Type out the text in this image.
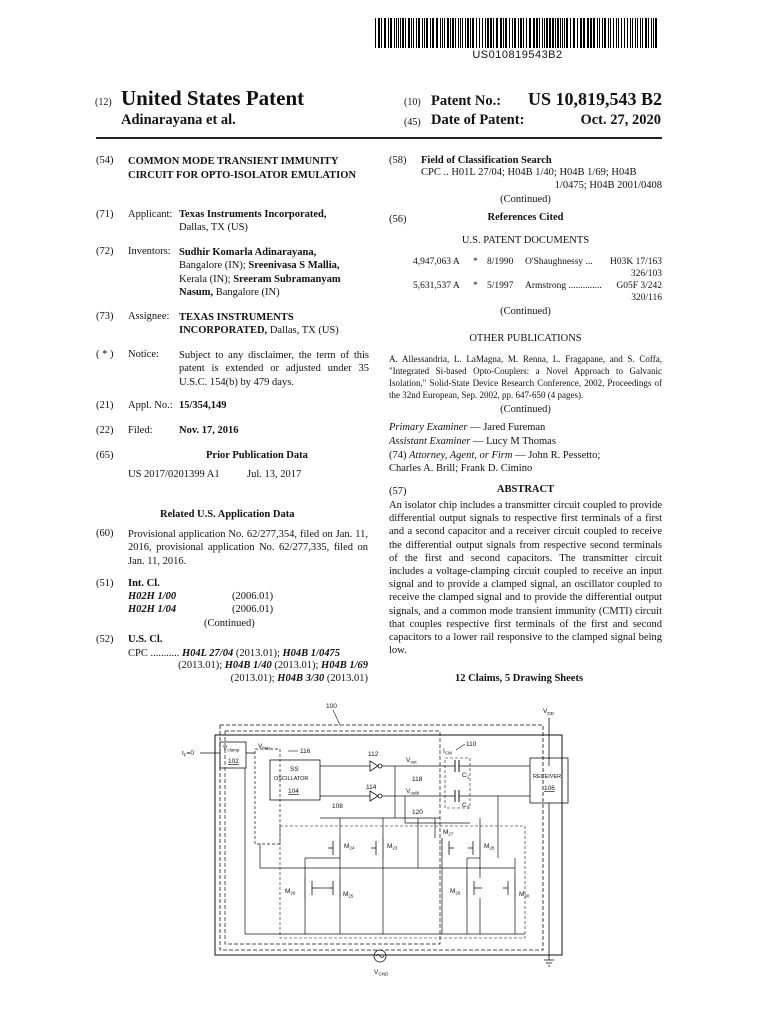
US010819543B2
(12) United States Patent
Adinarayana et al.
(10) Patent No.: US 10,819,543 B2
(45) Date of Patent:	Oct. 27, 2020
(54) COMMON MODE TRANSIENT IMMUNITY CIRCUIT FOR OPTO-ISOLATOR EMULATION
(71) Applicant: Texas Instruments Incorporated,
Dallas, TX (US)
(72) Inventors: Sudhir Komarla Adinarayana,
Bangalore (IN); Sreenivasa S Mallia,
Kerala (IN); Sreeram Subramanyam
Nasum, Bangalore (IN)
(73) Assignee: TEXAS INSTRUMENTS
INCORPORATED, Dallas, TX (US)
( * ) Notice: Subject to any disclaimer, the term of this patent is extended or adjusted under 35 U.S.C. 154(b) by 479 days.
(21) Appl. No.: 15/354,149
(22) Filed:	Nov. 17, 2016
(65)	Prior Publication Data
US 2017/0201399 A1	Jul. 13, 2017
Related U.S. Application Data
(60) Provisional application No. 62/277,354, filed on Jan. 11, 2016, provisional application No. 62/277,335, filed on Jan. 11, 2016.
(51) Int. Cl.
H02H 1/00	(2006.01)
H02H 1/04	(2006.01)
(Continued)
(52) U.S. Cl.
CPC ........... H04L 27/04 (2013.01); H04B 1/0475
(2013.01); H04B 1/40 (2013.01); H04B 1/69
(2013.01); H04B 3/30 (2013.01)
(58) Field of Classification Search
CPC .. H01L 27/04; H04B 1/40; H04B 1/69; H04B
1/0475; H04B 2001/0408
(Continued)
(56)	References Cited
U.S. PATENT DOCUMENTS
4,947,063 A * 8/1990 O'Shaughnessy ... H03K 17/163
326/103
5,631,537 A * 5/1997 Armstrong .............. G05F 3/242
320/116
(Continued)
OTHER PUBLICATIONS
A. Allessandria, L. LaMagna, M. Renna, L. Fragapane, and S. Coffa, "Integrated Si-based Opto-Couplers: a Novel Approach to Galvanic Isolation," Solid-State Device Research Conference, 2002, Proceedings of the 32nd European, Sep. 2002, pp. 647-650 (4 pages).
(Continued)
Primary Examiner — Jared Fureman
Assistant Examiner — Lucy M Thomas
(74) Attorney, Agent, or Firm — John R. Pessetto;
Charles A. Brill; Frank D. Cimino
(57)	ABSTRACT
An isolator chip includes a transmitter circuit coupled to provide differential output signals to respective first terminals of a first and a second capacitor and a receiver circuit coupled to receive the differential output signals from respective second terminals of the first and second capacitors. The transmitter circuit includes a voltage-clamping circuit coupled to receive an input signal and to provide a clamped signal, an oscillator coupled to receive the clamped signal and to provide the differential output signals, and a common mode transient immunity (CMTI) circuit that couples respective first terminals of the first and second capacitors to a lower rail responsive to the clamped signal being low.
12 Claims, 5 Drawing Sheets
100
$V_{DD}$
$V_{clamp}$
102
$I_F=0$
$V_{bias}$	116
SS
OSCILLATOR
104
112
$V_{out}$
118
114
$V_{outb}$
120
108
$I_{CM}$
110
$C_1$
$C_2$
RECEIVER
106
$M_{24}$	$M_{23}$
$M_{27}$
$M_{28}$
$M_{26}$	$M_{25}$
$M_{29}$	$M_{30}$
$V_{GND}$
